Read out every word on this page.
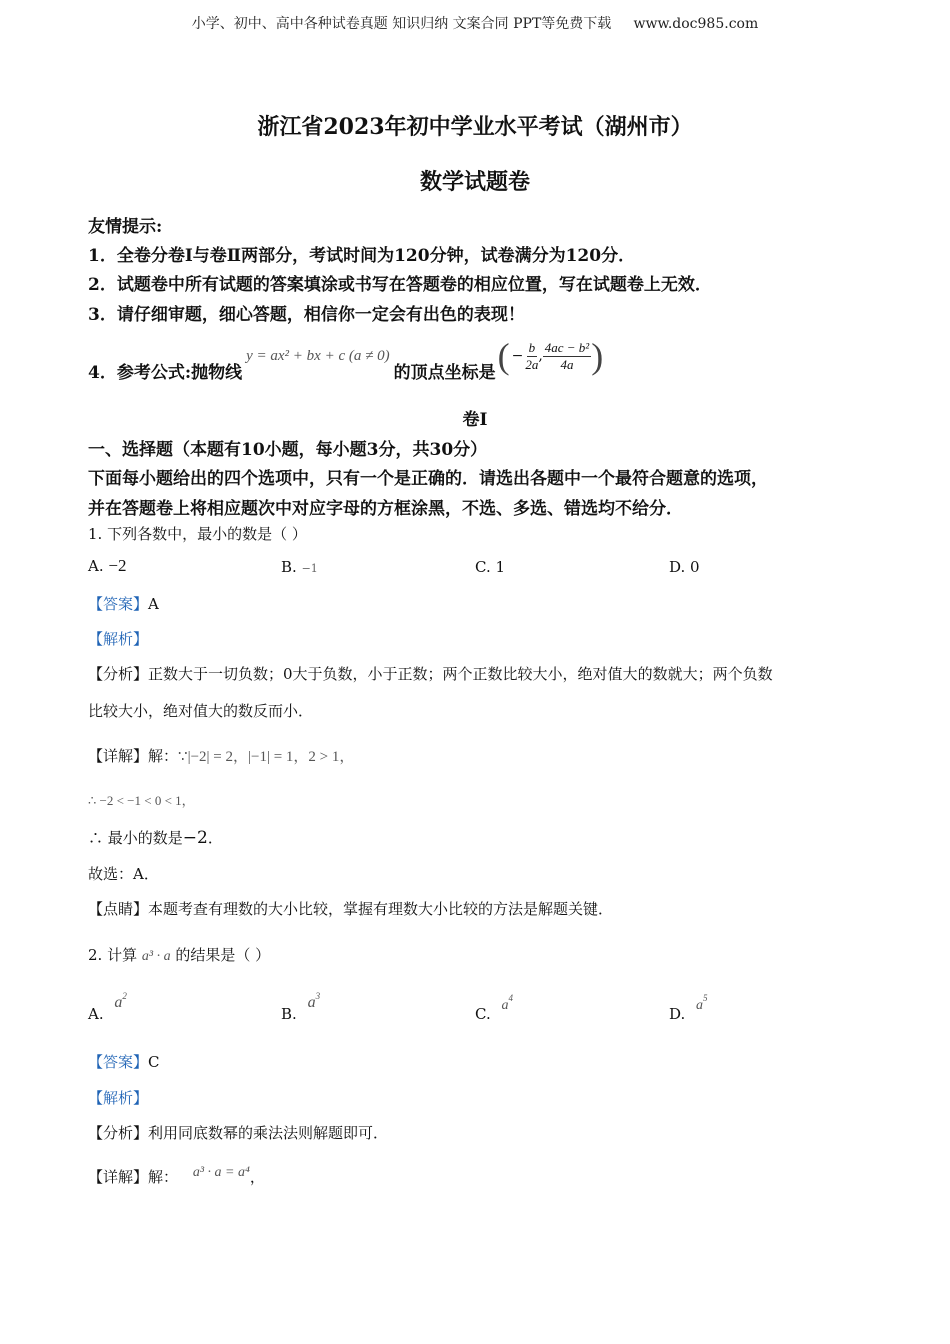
小学、初中、高中各种试卷真题 知识归纳 文案合同 PPT等免费下载 www.doc985.com
浙江省2023年初中学业水平考试（湖州市）
数学试题卷
友情提示:
1．全卷分卷Ⅰ与卷Ⅱ两部分，考试时间为120分钟，试卷满分为120分．
2．试题卷中所有试题的答案填涂或书写在答题卷的相应位置，写在试题卷上无效．
3．请仔细审题，细心答题，相信你一定会有出色的表现！
4．参考公式:抛物线
y = ax² + bx + c (a ≠ 0)
的顶点坐标是 ( − $\frac{b}{2a}$ , $\frac{\text{4ac − b²}}{4a}$ )
卷Ⅰ
一、选择题（本题有10小题，每小题3分，共30分）
下面每小题给出的四个选项中，只有一个是正确的．请选出各题中一个最符合题意的选项，
并在答题卷上将相应题次中对应字母的方框涂黑，不选、多选、错选均不给分．
1. 下列各数中，最小的数是（ ）
A. −2	B. −1	C. 1	D. 0
【答案】A
【解析】
【分析】正数大于一切负数；0大于负数，小于正数；两个正数比较大小，绝对值大的数就大；两个负数
比较大小，绝对值大的数反而小．
【详解】解：∵|−2| = 2，|−1| = 1，2 > 1，
∴ −2 < −1 < 0 < 1，
∴ 最小的数是−2．
故选：A．
【点睛】本题考查有理数的大小比较，掌握有理数大小比较的方法是解题关键．
2. 计算 a³ · a 的结果是（ ）
A. $a^2$
B. $a^3$
C. $a^4$
D. $a^5$
【答案】C
【解析】
【分析】利用同底数幂的乘法法则解题即可．
【详解】解： a³ · a = a⁴，
